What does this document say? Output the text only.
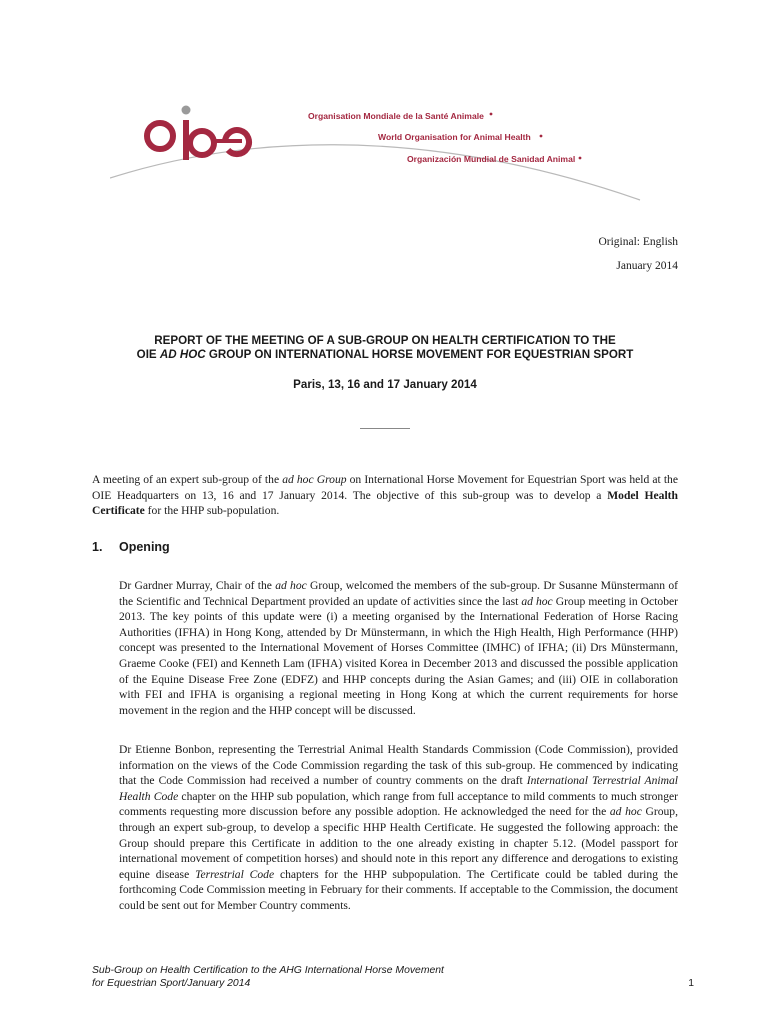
Organisation Mondiale de la Santé Animale
World Organisation for Animal Health
Organización Mundial de Sanidad Animal
Original: English
January 2014
REPORT OF THE MEETING OF A SUB-GROUP ON HEALTH CERTIFICATION TO THE
OIE AD HOC GROUP ON INTERNATIONAL HORSE MOVEMENT FOR EQUESTRIAN SPORT
Paris, 13, 16 and 17 January 2014

A meeting of an expert sub-group of the ad hoc Group on International Horse Movement for Equestrian Sport was held at the OIE Headquarters on 13, 16 and 17 January 2014. The objective of this sub-group was to develop a Model Health Certificate for the HHP sub-population.

1. Opening

Dr Gardner Murray, Chair of the ad hoc Group, welcomed the members of the sub-group. Dr Susanne Münstermann of the Scientific and Technical Department provided an update of activities since the last ad hoc Group meeting in October 2013. The key points of this update were (i) a meeting organised by the International Federation of Horse Racing Authorities (IFHA) in Hong Kong, attended by Dr Münstermann, in which the High Health, High Performance (HHP) concept was presented to the International Movement of Horses Committee (IMHC) of IFHA; (ii) Drs Münstermann, Graeme Cooke (FEI) and Kenneth Lam (IFHA) visited Korea in December 2013 and discussed the possible application of the Equine Disease Free Zone (EDFZ) and HHP concepts during the Asian Games; and (iii) OIE in collaboration with FEI and IFHA is organising a regional meeting in Hong Kong at which the current requirements for horse movement in the region and the HHP concept will be discussed.

Dr Etienne Bonbon, representing the Terrestrial Animal Health Standards Commission (Code Commission), provided information on the views of the Code Commission regarding the task of this sub-group. He commenced by indicating that the Code Commission had received a number of country comments on the draft International Terrestrial Animal Health Code chapter on the HHP sub population, which range from full acceptance to mild comments to much stronger comments requesting more discussion before any possible adoption. He acknowledged the need for the ad hoc Group, through an expert sub-group, to develop a specific HHP Health Certificate. He suggested the following approach: the Group should prepare this Certificate in addition to the one already existing in chapter 5.12. (Model passport for international movement of competition horses) and should note in this report any difference and derogations to existing equine disease Terrestrial Code chapters for the HHP subpopulation. The Certificate could be tabled during the forthcoming Code Commission meeting in February for their comments. If acceptable to the Commission, the document could be sent out for Member Country comments.

Sub-Group on Health Certification to the AHG International Horse Movement
for Equestrian Sport/January 2014	1
